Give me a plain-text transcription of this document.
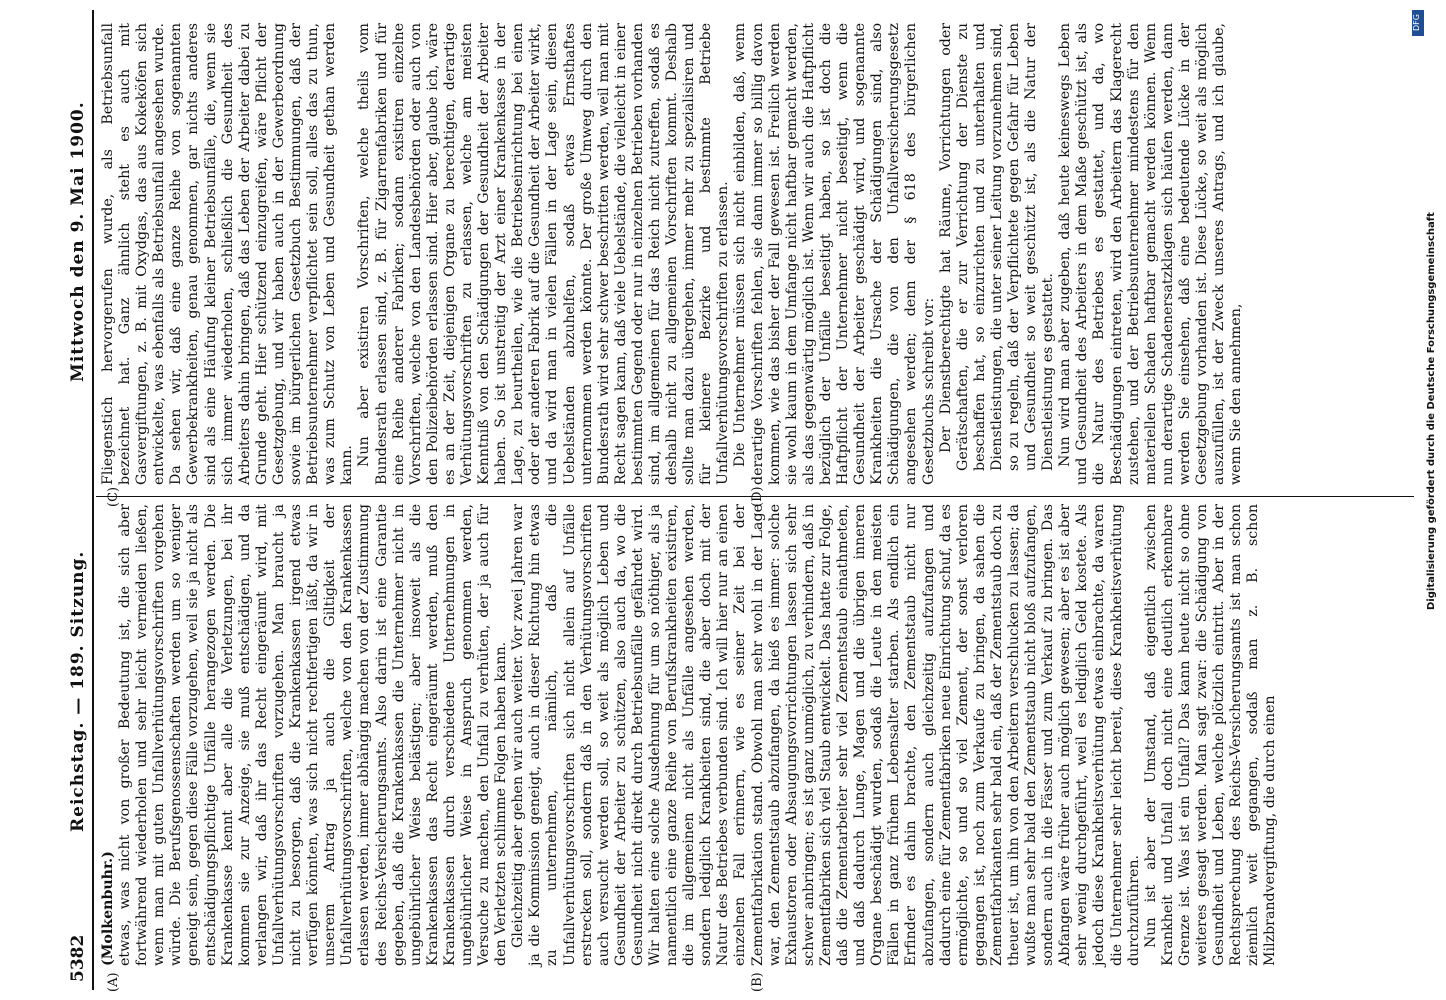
5382
Reichstag. — 189. Sitzung.
Mittwoch den 9. Mai 1900.
(A)	(B)
(C)	(D)

(Molkenbuhr.) etwas, was nicht von großer Bedeutung ist, die sich aber fortwährend wiederholen und sehr leicht vermeiden ließen, wenn man mit guten Unfallverhütungsvorschriften vorgehen würde. Die Berufsgenossenschaften werden um so weniger geneigt sein, gegen diese Fälle vorzugehen, weil sie ja nicht als entschädigungspflichtige Unfälle herangezogen werden. Die Krankenkasse kennt aber alle die Verletzungen, bei ihr kommen sie zur Anzeige, sie muß entschädigen, und da verlangen wir, daß ihr das Recht eingeräumt wird, mit Unfallverhütungsvorschriften vorzugehen. Man braucht ja nicht zu besorgen, daß die Krankenkassen irgend etwas verfügen könnten, was sich nicht rechtfertigen läßt, da wir in unserem Antrag ja auch die Giltigkeit der Unfallverhütungsvorschriften, welche von den Krankenkassen erlassen werden, immer abhängig machen von der Zustimmung des Reichs-Versicherungsamts. Also darin ist eine Garantie gegeben, daß die Krankenkassen die Unternehmer nicht in ungebührlicher Weise belästigen; aber insoweit als die Krankenkassen das Recht eingeräumt werden, muß den Krankenkassen durch verschiedene Unternehmungen in ungebührlicher Weise in Anspruch genommen werden, Versuche zu machen, den Unfall zu verhüten, der ja auch für den Verletzten schlimme Folgen haben kann. Gleichzeitig aber gehen wir auch weiter. Vor zwei Jahren war ja die Kommission geneigt, auch in dieser Richtung hin etwas zu unternehmen, nämlich, daß die Unfallverhütungsvorschriften sich nicht allein auf Unfälle erstrecken soll, sondern daß in den Verhütungsvorschriften auch versucht werden soll, so weit als möglich Leben und Gesundheit der Arbeiter zu schützen, also auch da, wo die Gesundheit nicht direkt durch Betriebsunfälle gefährdet wird. Wir halten eine solche Ausdehnung für um so nöthiger, als ja namentlich eine ganze Reihe von Berufskrankheiten existiren, die im allgemeinen nicht als Unfälle angesehen werden, sondern lediglich Krankheiten sind, die aber doch mit der Natur des Betriebes verbunden sind. Ich will hier nur an einen einzelnen Fall erinnern, wie es seiner Zeit bei der Zementfabrikation stand. Obwohl man sehr wohl in der Lage war, den Zementstaub abzufangen, da hieß es immer: solche Exhaustoren oder Absaugungsvorrichtungen lassen sich sehr schwer anbringen; es ist ganz unmöglich, zu verhindern, daß in Zementfabriken sich viel Staub entwickelt. Das hatte zur Folge, daß die Zementarbeiter sehr viel Zementstaub einathmeten, und daß dadurch Lunge, Magen und die übrigen inneren Organe beschädigt wurden, sodaß die Leute in den meisten Fällen in ganz frühem Lebensalter starben. Als endlich ein Erfinder es dahin brachte, den Zementstaub nicht nur abzufangen, sondern auch gleichzeitig aufzufangen und dadurch eine für Zementfabriken neue Einrichtung schuf, da es ermöglichte, so und so viel Zement, der sonst verloren gegangen ist, noch zum Verkaufe zu bringen, da sahen die Zementfabrikanten sehr bald ein, daß der Zementstaub doch zu theuer ist, um ihn von den Arbeitern verschlucken zu lassen; da wußte man sehr bald den Zementstaub nicht bloß aufzufangen, sondern auch in die Fässer und zum Verkauf zu bringen. Das Abfangen wäre früher auch möglich gewesen; aber es ist aber sehr wenig durchgeführt, weil es lediglich Geld kostete. Als jedoch diese Krankheitsverhütung etwas einbrachte, da waren die Unternehmer sehr leicht bereit, diese Krankheitsverhütung durchzuführen. Nun ist aber der Umstand, daß eigentlich zwischen Krankheit und Unfall doch nicht eine deutlich erkennbare Grenze ist. Was ist ein Unfall? Das kann heute nicht so ohne weiteres gesagt werden. Man sagt zwar: die Schädigung von Gesundheit und Leben, welche plötzlich eintritt. Aber in der Rechtsprechung des Reichs-Versicherungsamts ist man schon ziemlich weit gegangen, sodaß man z. B. schon Milzbrandvergiftung, die durch einen

Fliegenstich hervorgerufen wurde, als Betriebsunfall bezeichnet hat. Ganz ähnlich steht es auch mit Gasvergiftungen, z. B. mit Oxydgas, das aus Kokeköfen sich entwickelte, was ebenfalls als Betriebsunfall angesehen wurde. Da sehen wir, daß eine ganze Reihe von sogenannten Gewerbekrankheiten, genau genommen, gar nichts anderes sind als eine Häufung kleiner Betriebsunfälle, die, wenn sie sich immer wiederholen, schließlich die Gesundheit des Arbeiters dahin bringen, daß das Leben der Arbeiter dabei zu Grunde geht. Hier schützend einzugreifen, wäre Pflicht der Gesetzgebung, und wir haben auch in der Gewerbeordnung sowie im bürgerlichen Gesetzbuch Bestimmungen, daß der Betriebsunternehmer verpflichtet sein soll, alles das zu thun, was zum Schutz von Leben und Gesundheit gethan werden kann. Nun aber existiren Vorschriften, welche theils vom Bundesrath erlassen sind, z. B. für Zigarrenfabriken und für eine Reihe anderer Fabriken; sodann existiren einzelne Vorschriften, welche von den Landesbehörden oder auch von den Polizeibehörden erlassen sind. Hier aber, glaube ich, wäre es an der Zeit, diejenigen Organe zu berechtigen, derartige Verhütungsvorschriften zu erlassen, welche am meisten Kenntniß von den Schädigungen der Gesundheit der Arbeiter haben. So ist unstreitig der Arzt einer Krankenkasse in der Lage, zu beurtheilen, wie die Betriebseinrichtung bei einen oder der anderen Fabrik auf die Gesundheit der Arbeiter wirkt, und da wird man in vielen Fällen in der Lage sein, diesen Uebelständen abzuhelfen, sodaß etwas Ernsthaftes unternommen werden könnte. Der große Umweg durch den Bundesrath wird sehr schwer beschritten werden, weil man mit Recht sagen kann, daß viele Uebelstände, die vielleicht in einer bestimmten Gegend oder nur in einzelnen Betrieben vorhanden sind, im allgemeinen für das Reich nicht zutreffen, sodaß es deshalb nicht zu allgemeinen Vorschriften kommt. Deshalb sollte man dazu übergehen, immer mehr zu spezialisiren und für kleinere Bezirke und bestimmte Betriebe Unfallverhütungsvorschriften zu erlassen. Die Unternehmer müssen sich nicht einbilden, daß, wenn derartige Vorschriften fehlen, sie dann immer so billig davon kommen, wie das bisher der Fall gewesen ist. Freilich werden sie wohl kaum in dem Umfange nicht haftbar gemacht werden, als das gegenwärtig möglich ist. Wenn wir auch die Haftpflicht bezüglich der Unfälle beseitigt haben, so ist doch die Haftpflicht der Unternehmer nicht beseitigt, wenn die Gesundheit der Arbeiter geschädigt wird, und sogenannte Krankheiten die Ursache der Schädigungen sind, also Schädigungen, die von den Unfallversicherungsgesetz angesehen werden; denn der § 618 des bürgerlichen Gesetzbuchs schreibt vor: Der Dienstberechtigte hat Räume, Vorrichtungen oder Gerätschaften, die er zur Verrichtung der Dienste zu beschaffen hat, so einzurichten und zu unterhalten und Dienstleistungen, die unter seiner Leitung vorzunehmen sind, so zu regeln, daß der Verpflichtete gegen Gefahr für Leben und Gesundheit so weit geschützt ist, als die Natur der Dienstleistung es gestattet. Nun wird man aber zugeben, daß heute keineswegs Leben und Gesundheit des Arbeiters in dem Maße geschützt ist, als die Natur des Betriebes es gestattet, und da, wo Beschädigungen eintreten, wird den Arbeitern das Klagerecht zustehen, und der Betriebsunternehmer mindestens für den materiellen Schaden haftbar gemacht werden können. Wenn nun derartige Schadenersatzklagen sich häufen werden, dann werden Sie einsehen, daß eine bedeutende Lücke in der Gesetzgebung vorhanden ist. Diese Lücke, so weit als möglich auszufüllen, ist der Zweck unseres Antrags, und ich glaube, wenn Sie den annehmen,	Digitalisierung gefördert durch die Deutsche Forschungsgemeinschaft
DFG
